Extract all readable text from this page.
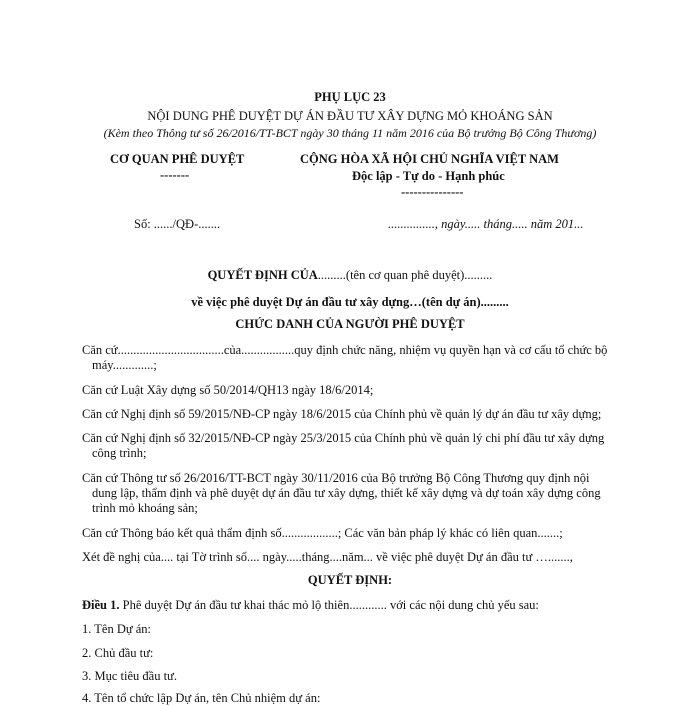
PHỤ LỤC 23
NỘI DUNG PHÊ DUYỆT DỰ ÁN ĐẦU TƯ XÂY DỰNG MỎ KHOÁNG SẢN
(Kèm theo Thông tư số 26/2016/TT-BCT ngày 30 tháng 11 năm 2016 của Bộ trưởng Bộ Công Thương)
CƠ QUAN PHÊ DUYỆT
-------
CỘNG HÒA XÃ HỘI CHỦ NGHĨA VIỆT NAM
Độc lập - Tự do - Hạnh phúc
---------------
Số: ....../QĐ-.......	..............., ngày..... tháng..... năm 201...
QUYẾT ĐỊNH CỦA.........(tên cơ quan phê duyệt).........
về việc phê duyệt Dự án đầu tư xây dựng…(tên dự án).........
CHỨC DANH CỦA NGƯỜI PHÊ DUYỆT
Căn cứ..................................của.................quy định chức năng, nhiệm vụ quyền hạn và cơ cấu tổ chức bộ
máy.............;
Căn cứ Luật Xây dựng số 50/2014/QH13 ngày 18/6/2014;
Căn cứ Nghị định số 59/2015/NĐ-CP ngày 18/6/2015 của Chính phủ về quản lý dự án đầu tư xây dựng;
Căn cứ Nghị định số 32/2015/NĐ-CP ngày 25/3/2015 của Chính phủ về quản lý chi phí đầu tư xây dựng
công trình;
Căn cứ Thông tư số 26/2016/TT-BCT ngày 30/11/2016 của Bộ trưởng Bộ Công Thương quy định nội
dung lập, thẩm định và phê duyệt dự án đầu tư xây dựng, thiết kế xây dựng và dự toán xây dựng công
trình mỏ khoáng sản;
Căn cứ Thông báo kết quả thẩm định số..................; Các văn bản pháp lý khác có liên quan.......;
Xét đề nghị của.... tại Tờ trình số.... ngày.....tháng....năm... về việc phê duyệt Dự án đầu tư ….......,
QUYẾT ĐỊNH:
Điều 1. Phê duyệt Dự án đầu tư khai thác mỏ lộ thiên............ với các nội dung chủ yếu sau:
1. Tên Dự án:
2. Chủ đầu tư:
3. Mục tiêu đầu tư.
4. Tên tổ chức lập Dự án, tên Chủ nhiệm dự án:
